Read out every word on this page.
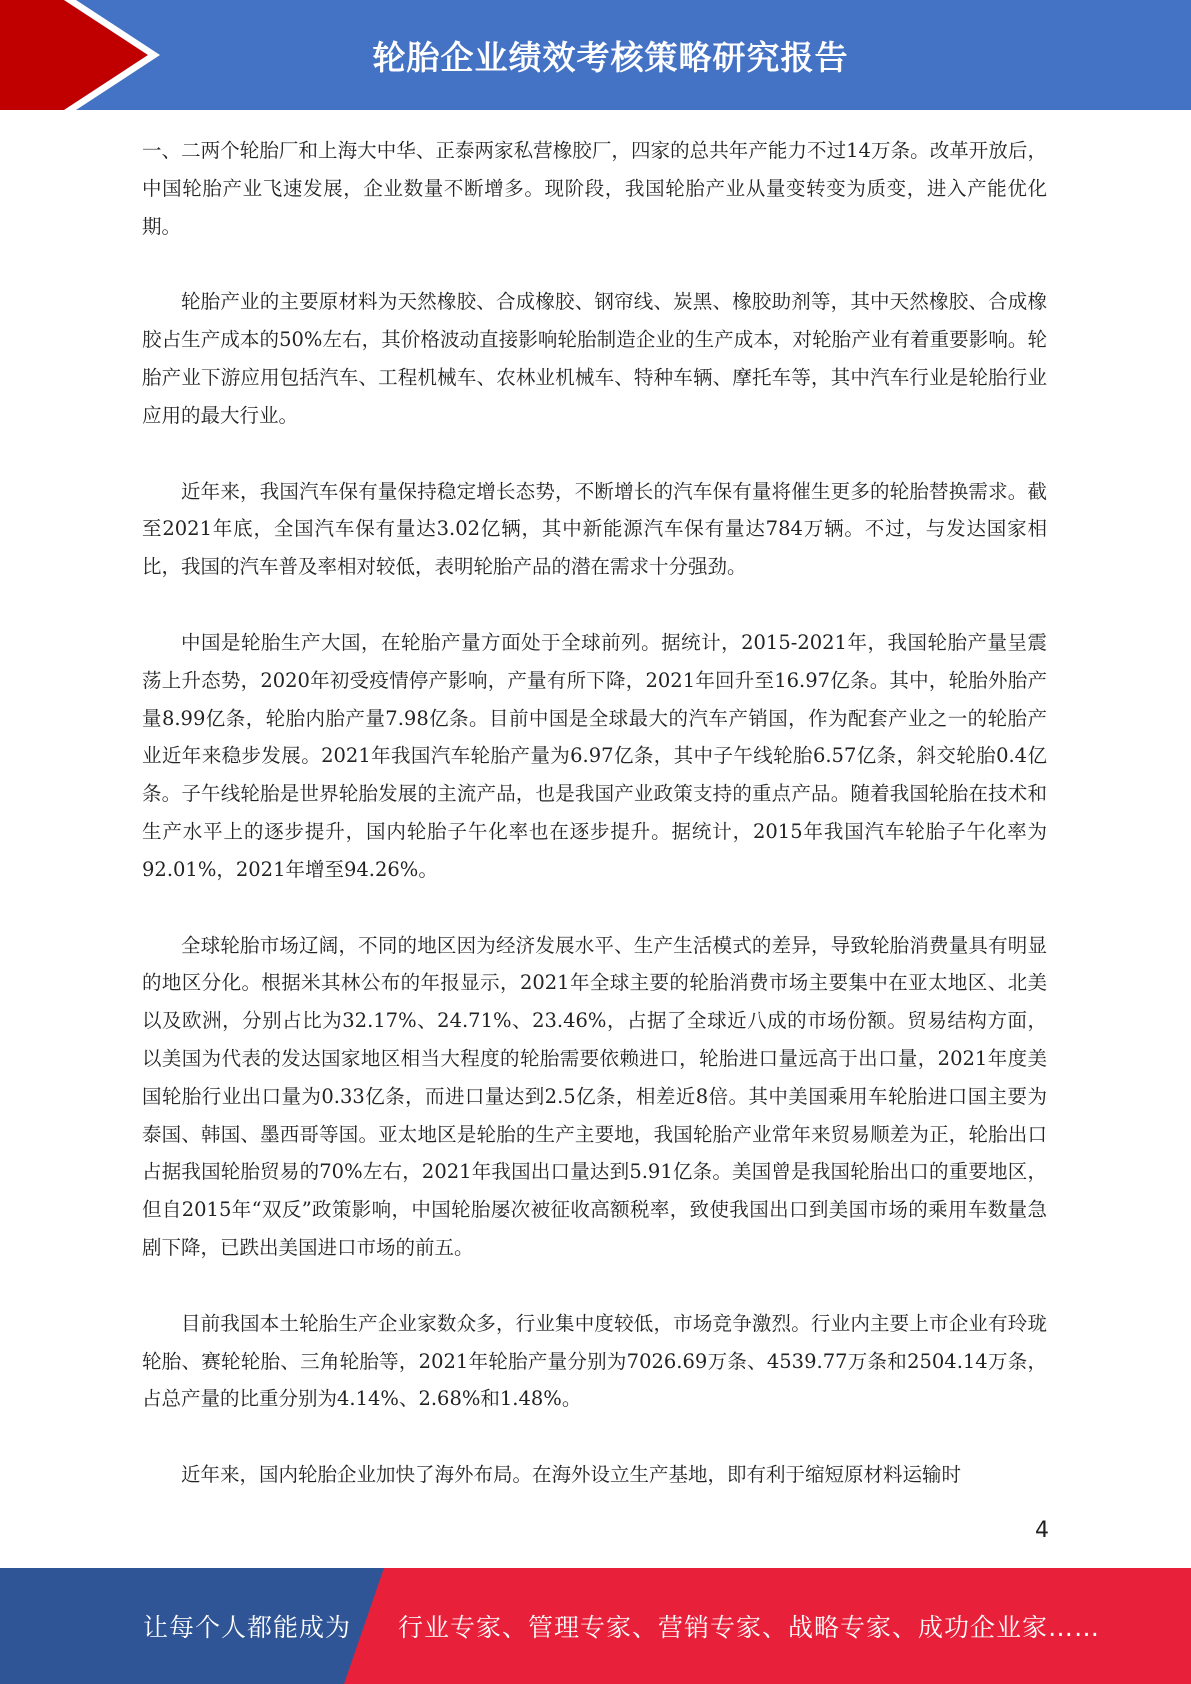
轮胎企业绩效考核策略研究报告

一、二两个轮胎厂和上海大中华、正泰两家私营橡胶厂，四家的总共年产能力不过14万条。改革开放后，中国轮胎产业飞速发展，企业数量不断增多。现阶段，我国轮胎产业从量变转变为质变，进入产能优化期。

轮胎产业的主要原材料为天然橡胶、合成橡胶、钢帘线、炭黑、橡胶助剂等，其中天然橡胶、合成橡胶占生产成本的50%左右，其价格波动直接影响轮胎制造企业的生产成本，对轮胎产业有着重要影响。轮胎产业下游应用包括汽车、工程机械车、农林业机械车、特种车辆、摩托车等，其中汽车行业是轮胎行业应用的最大行业。

近年来，我国汽车保有量保持稳定增长态势，不断增长的汽车保有量将催生更多的轮胎替换需求。截至2021年底，全国汽车保有量达3.02亿辆，其中新能源汽车保有量达784万辆。不过，与发达国家相比，我国的汽车普及率相对较低，表明轮胎产品的潜在需求十分强劲。

中国是轮胎生产大国，在轮胎产量方面处于全球前列。据统计，2015-2021年，我国轮胎产量呈震荡上升态势，2020年初受疫情停产影响，产量有所下降，2021年回升至16.97亿条。其中，轮胎外胎产量8.99亿条，轮胎内胎产量7.98亿条。目前中国是全球最大的汽车产销国，作为配套产业之一的轮胎产业近年来稳步发展。2021年我国汽车轮胎产量为6.97亿条，其中子午线轮胎6.57亿条，斜交轮胎0.4亿条。子午线轮胎是世界轮胎发展的主流产品，也是我国产业政策支持的重点产品。随着我国轮胎在技术和生产水平上的逐步提升，国内轮胎子午化率也在逐步提升。据统计，2015年我国汽车轮胎子午化率为92.01%，2021年增至94.26%。

全球轮胎市场辽阔，不同的地区因为经济发展水平、生产生活模式的差异，导致轮胎消费量具有明显的地区分化。根据米其林公布的年报显示，2021年全球主要的轮胎消费市场主要集中在亚太地区、北美以及欧洲，分别占比为32.17%、24.71%、23.46%，占据了全球近八成的市场份额。贸易结构方面，以美国为代表的发达国家地区相当大程度的轮胎需要依赖进口，轮胎进口量远高于出口量，2021年度美国轮胎行业出口量为0.33亿条，而进口量达到2.5亿条，相差近8倍。其中美国乘用车轮胎进口国主要为泰国、韩国、墨西哥等国。亚太地区是轮胎的生产主要地，我国轮胎产业常年来贸易顺差为正，轮胎出口占据我国轮胎贸易的70%左右，2021年我国出口量达到5.91亿条。美国曾是我国轮胎出口的重要地区，但自2015年“双反”政策影响，中国轮胎屡次被征收高额税率，致使我国出口到美国市场的乘用车数量急剧下降，已跌出美国进口市场的前五。

目前我国本土轮胎生产企业家数众多，行业集中度较低，市场竞争激烈。行业内主要上市企业有玲珑轮胎、赛轮轮胎、三角轮胎等，2021年轮胎产量分别为7026.69万条、4539.77万条和2504.14万条，占总产量的比重分别为4.14%、2.68%和1.48%。

近年来，国内轮胎企业加快了海外布局。在海外设立生产基地，即有利于缩短原材料运输时

4
让每个人都能成为 行业专家、管理专家、营销专家、战略专家、成功企业家……
